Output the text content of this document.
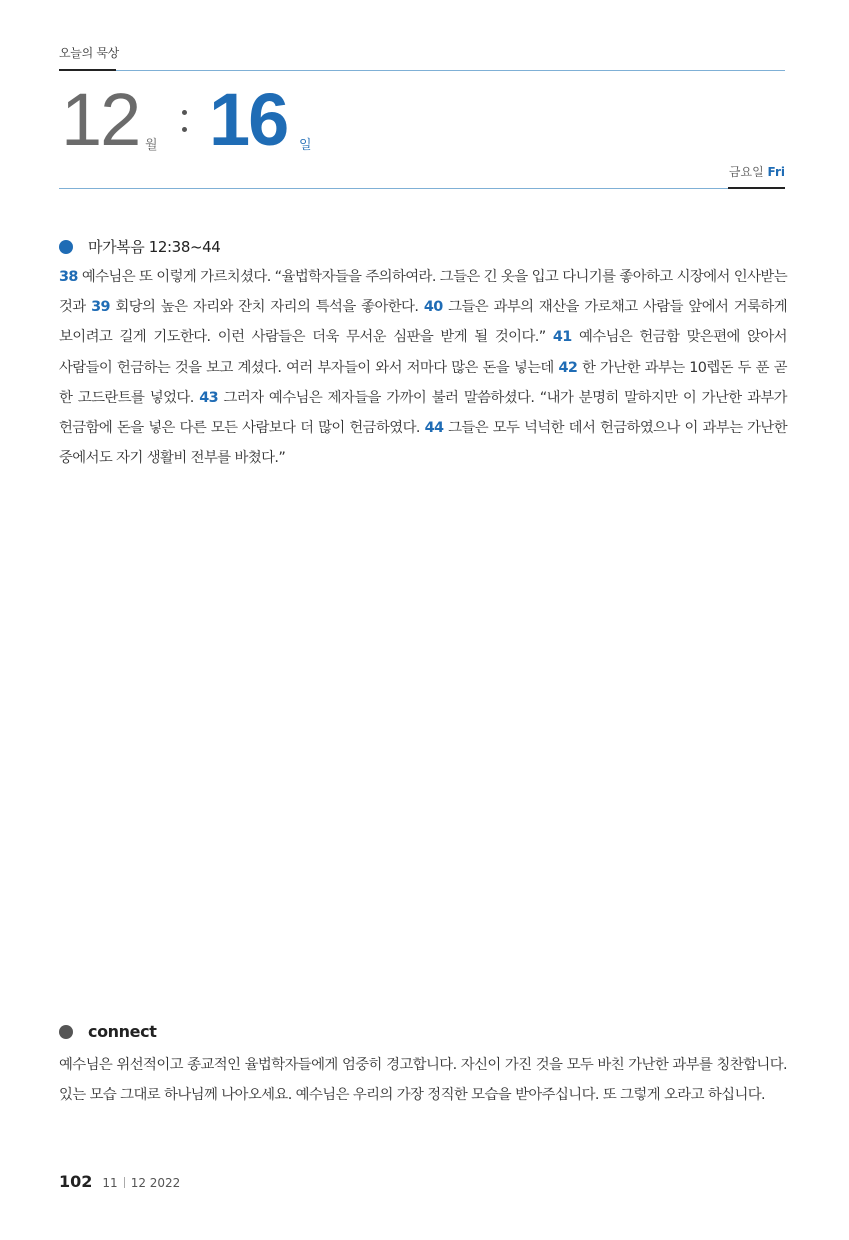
오늘의 묵상
12 월 16 일
금요일 Fri
마가복음 12:38~44
38 예수님은 또 이렇게 가르치셨다. “율법학자들을 주의하여라. 그들은 긴 옷을 입고 다니기를 좋아하고 시장에서 인사받는 것과 39 회당의 높은 자리와 잔치 자리의 특석을 좋아한다. 40 그들은 과부의 재산을 가로채고 사람들 앞에서 거룩하게 보이려고 길게 기도한다. 이런 사람들은 더욱 무서운 심판을 받게 될 것이다.” 41 예수님은 헌금함 맞은편에 앉아서 사람들이 헌금하는 것을 보고 계셨다. 여러 부자들이 와서 저마다 많은 돈을 넣는데 42 한 가난한 과부는 10렙돈 두 푼 곧 한 고드란트를 넣었다. 43 그러자 예수님은 제자들을 가까이 불러 말씀하셨다. “내가 분명히 말하지만 이 가난한 과부가 헌금함에 돈을 넣은 다른 모든 사람보다 더 많이 헌금하였다. 44 그들은 모두 넉넉한 데서 헌금하였으나 이 과부는 가난한 중에서도 자기 생활비 전부를 바쳤다.”
connect
예수님은 위선적이고 종교적인 율법학자들에게 엄중히 경고합니다. 자신이 가진 것을 모두 바친 가난한 과부를 칭찬합니다. 있는 모습 그대로 하나님께 나아오세요. 예수님은 우리의 가장 정직한 모습을 받아주십니다. 또 그렇게 오라고 하십니다.
102 11 12 2022
